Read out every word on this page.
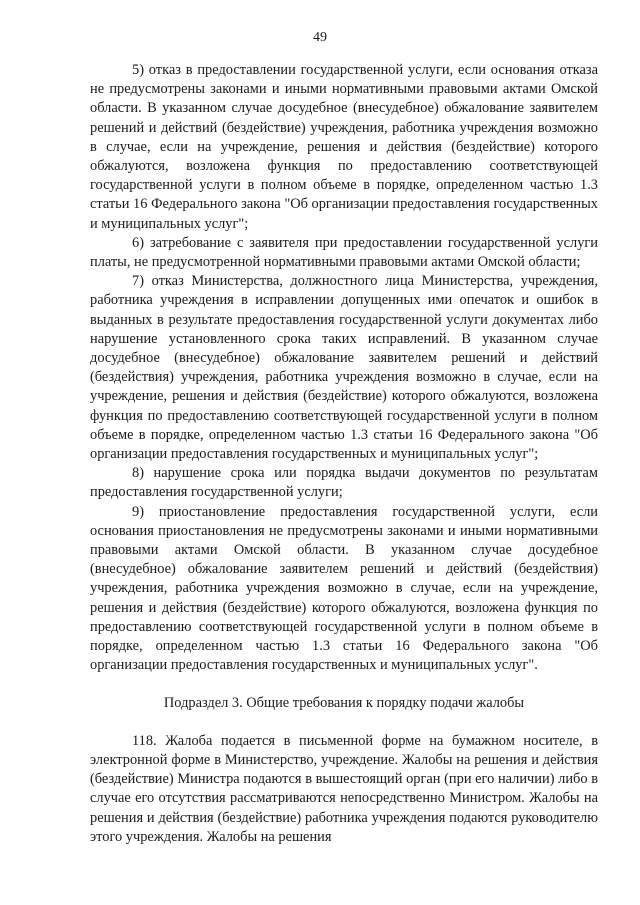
49

5) отказ в предоставлении государственной услуги, если основания отказа не предусмотрены законами и иными нормативными правовыми актами Омской области. В указанном случае досудебное (внесудебное) обжалование заявителем решений и действий (бездействие) учреждения, работника учреждения возможно в случае, если на учреждение, решения и действия (бездействие) которого обжалуются, возложена функция по предоставлению соответствующей государственной услуги в полном объеме в порядке, определенном частью 1.3 статьи 16 Федерального закона "Об организации предоставления государственных и муниципальных услуг";

6) затребование с заявителя при предоставлении государственной услуги платы, не предусмотренной нормативными правовыми актами Омской области;

7) отказ Министерства, должностного лица Министерства, учреждения, работника учреждения в исправлении допущенных ими опечаток и ошибок в выданных в результате предоставления государственной услуги документах либо нарушение установленного срока таких исправлений. В указанном случае досудебное (внесудебное) обжалование заявителем решений и действий (бездействия) учреждения, работника учреждения возможно в случае, если на учреждение, решения и действия (бездействие) которого обжалуются, возложена функция по предоставлению соответствующей государственной услуги в полном объеме в порядке, определенном частью 1.3 статьи 16 Федерального закона "Об организации предоставления государственных и муниципальных услуг";

8) нарушение срока или порядка выдачи документов по результатам предоставления государственной услуги;

9) приостановление предоставления государственной услуги, если основания приостановления не предусмотрены законами и иными нормативными правовыми актами Омской области. В указанном случае досудебное (внесудебное) обжалование заявителем решений и действий (бездействия) учреждения, работника учреждения возможно в случае, если на учреждение, решения и действия (бездействие) которого обжалуются, возложена функция по предоставлению соответствующей государственной услуги в полном объеме в порядке, определенном частью 1.3 статьи 16 Федерального закона "Об организации предоставления государственных и муниципальных услуг".

Подраздел 3. Общие требования к порядку подачи жалобы

118. Жалоба подается в письменной форме на бумажном носителе, в электронной форме в Министерство, учреждение. Жалобы на решения и действия (бездействие) Министра подаются в вышестоящий орган (при его наличии) либо в случае его отсутствия рассматриваются непосредственно Министром. Жалобы на решения и действия (бездействие) работника учреждения подаются руководителю этого учреждения. Жалобы на решения
